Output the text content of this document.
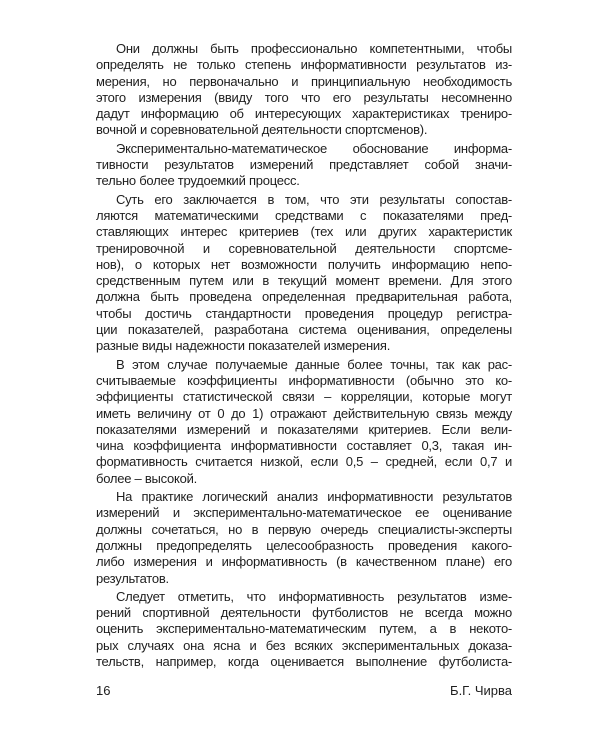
Они должны быть профессионально компетентными, чтобы
определять не только степень информативности результатов из-
мерения, но первоначально и принципиальную необходимость
этого измерения (ввиду того что его результаты несомненно
дадут информацию об интересующих характеристиках трениро-
вочной и соревновательной деятельности спортсменов).
Экспериментально-математическое обоснование информа-
тивности результатов измерений представляет собой значи-
тельно более трудоемкий процесс.
Суть его заключается в том, что эти результаты сопостав-
ляются математическими средствами с показателями пред-
ставляющих интерес критериев (тех или других характеристик
тренировочной и соревновательной деятельности спортсме-
нов), о которых нет возможности получить информацию непо-
средственным путем или в текущий момент времени. Для этого
должна быть проведена определенная предварительная работа,
чтобы достичь стандартности проведения процедур регистра-
ции показателей, разработана система оценивания, определены
разные виды надежности показателей измерения.
В этом случае получаемые данные более точны, так как рас-
считываемые коэффициенты информативности (обычно это ко-
эффициенты статистической связи – корреляции, которые могут
иметь величину от 0 до 1) отражают действительную связь между
показателями измерений и показателями критериев. Если вели-
чина коэффициента информативности составляет 0,3, такая ин-
формативность считается низкой, если 0,5 – средней, если 0,7 и
более – высокой.
На практике логический анализ информативности результатов
измерений и экспериментально-математическое ее оценивание
должны сочетаться, но в первую очередь специалисты-эксперты
должны предопределять целесообразность проведения какого-
либо измерения и информативность (в качественном плане) его
результатов.
Следует отметить, что информативность результатов изме-
рений спортивной деятельности футболистов не всегда можно
оценить экспериментально-математическим путем, а в некото-
рых случаях она ясна и без всяких экспериментальных доказа-
тельств, например, когда оценивается выполнение футболиста-
16	Б.Г. Чирва
